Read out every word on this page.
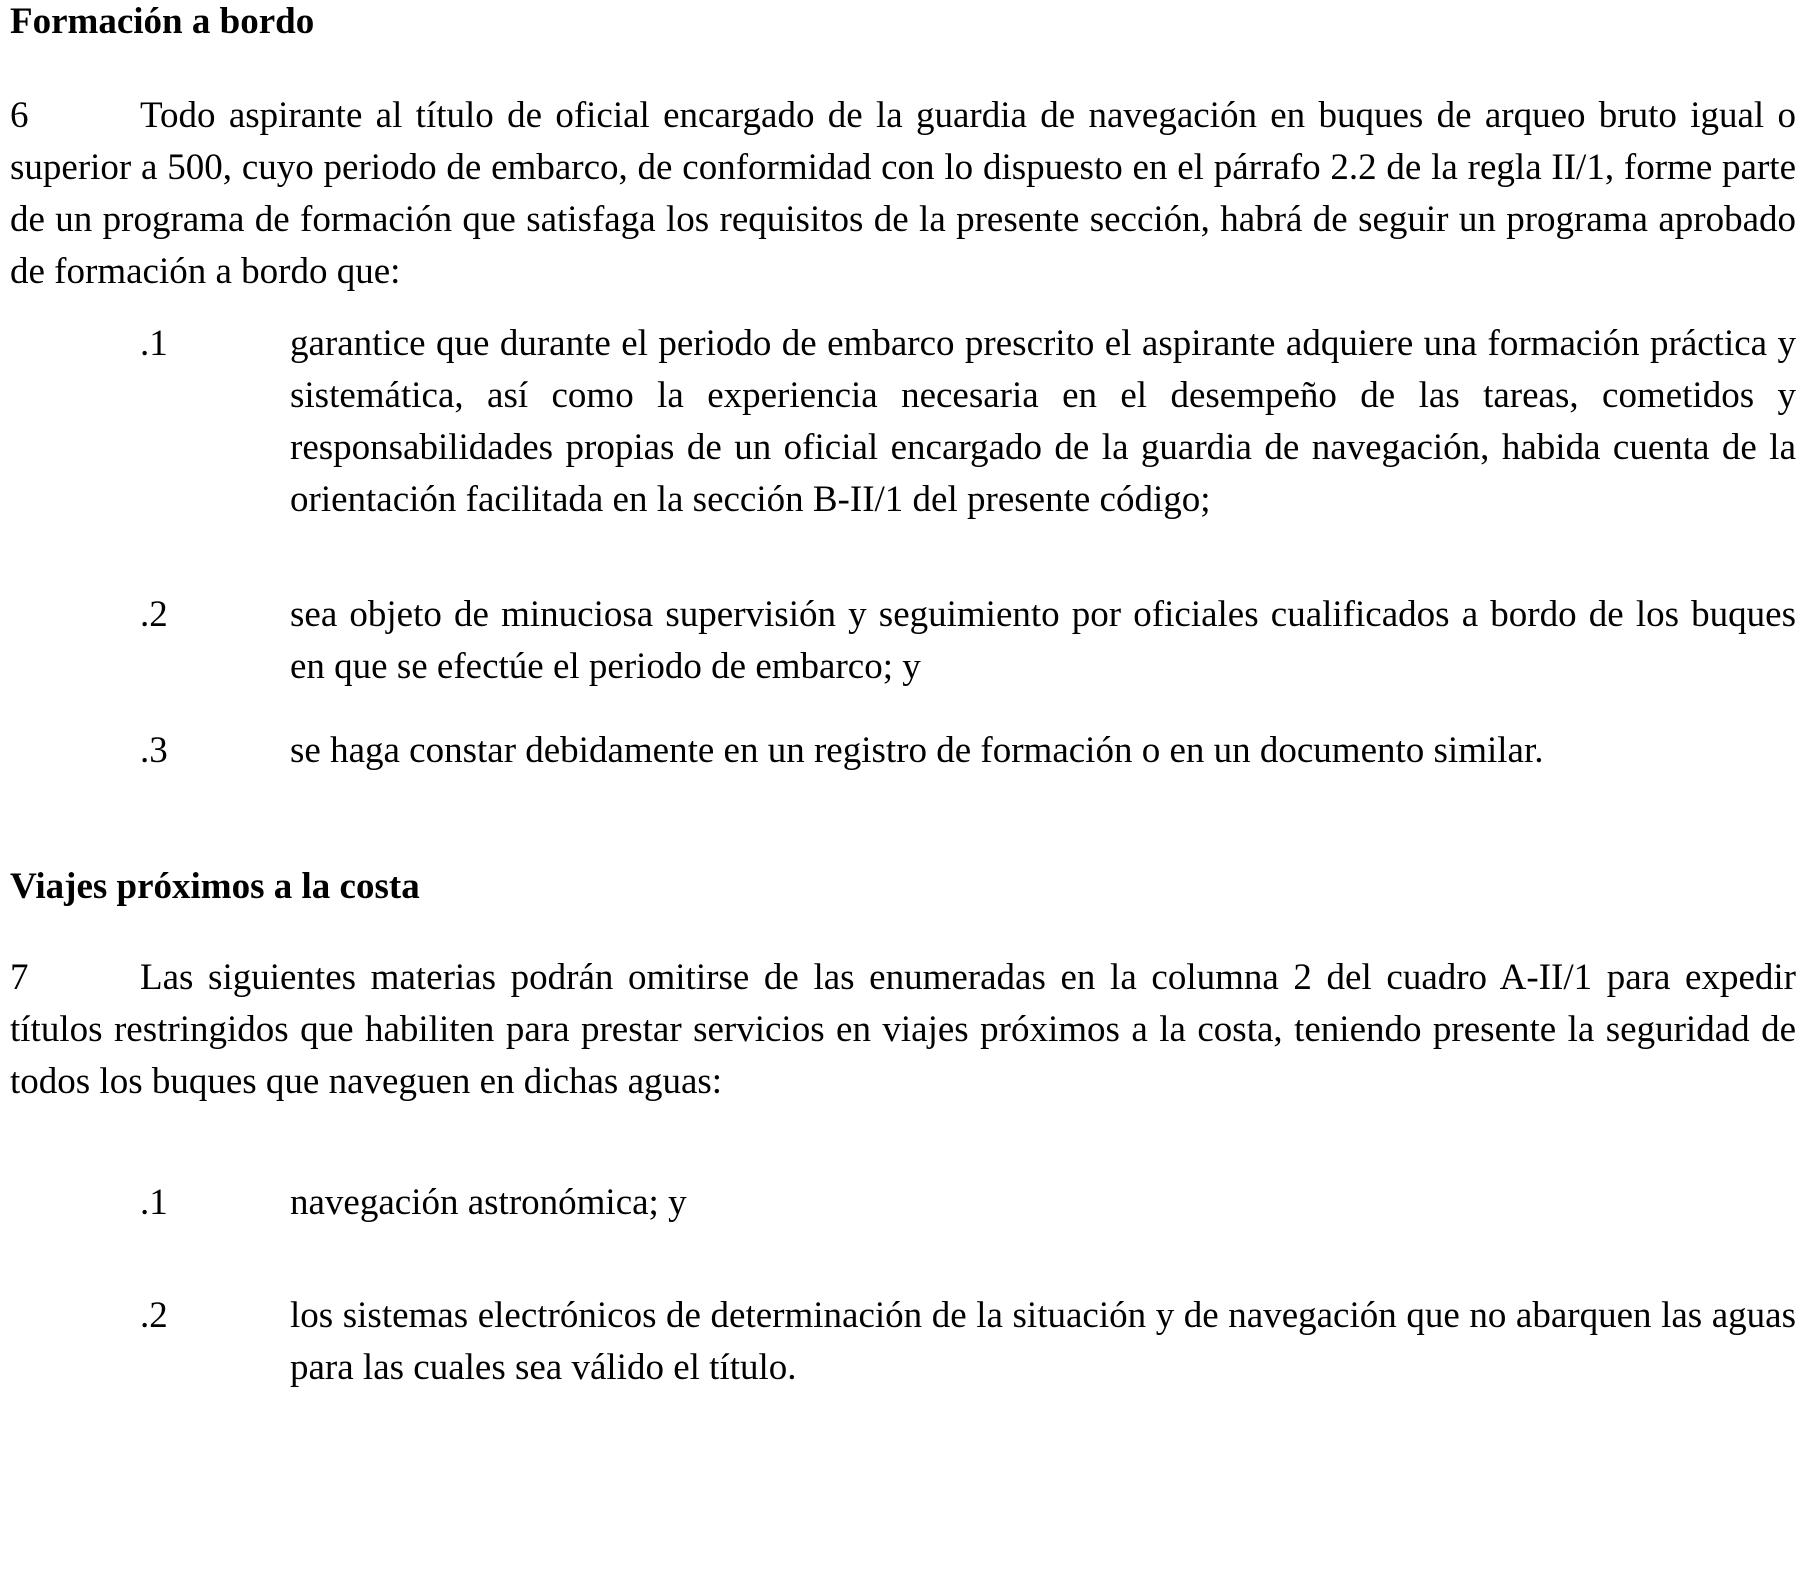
Formación a bordo
6	Todo aspirante al título de oficial encargado de la guardia de navegación en buques de arqueo bruto igual o superior a 500, cuyo periodo de embarco, de conformidad con lo dispuesto en el párrafo 2.2 de la regla II/1, forme parte de un programa de formación que satisfaga los requisitos de la presente sección, habrá de seguir un programa aprobado de formación a bordo que:
.1	garantice que durante el periodo de embarco prescrito el aspirante adquiere una formación práctica y sistemática, así como la experiencia necesaria en el desempeño de las tareas, cometidos y responsabilidades propias de un oficial encargado de la guardia de navegación, habida cuenta de la orientación facilitada en la sección B-II/1 del presente código;
.2	sea objeto de minuciosa supervisión y seguimiento por oficiales cualificados a bordo de los buques en que se efectúe el periodo de embarco; y
.3	se haga constar debidamente en un registro de formación o en un documento similar.
Viajes próximos a la costa
7	Las siguientes materias podrán omitirse de las enumeradas en la columna 2 del cuadro A-II/1 para expedir títulos restringidos que habiliten para prestar servicios en viajes próximos a la costa, teniendo presente la seguridad de todos los buques que naveguen en dichas aguas:
.1	navegación astronómica; y
.2	los sistemas electrónicos de determinación de la situación y de navegación que no abarquen las aguas para las cuales sea válido el título.
